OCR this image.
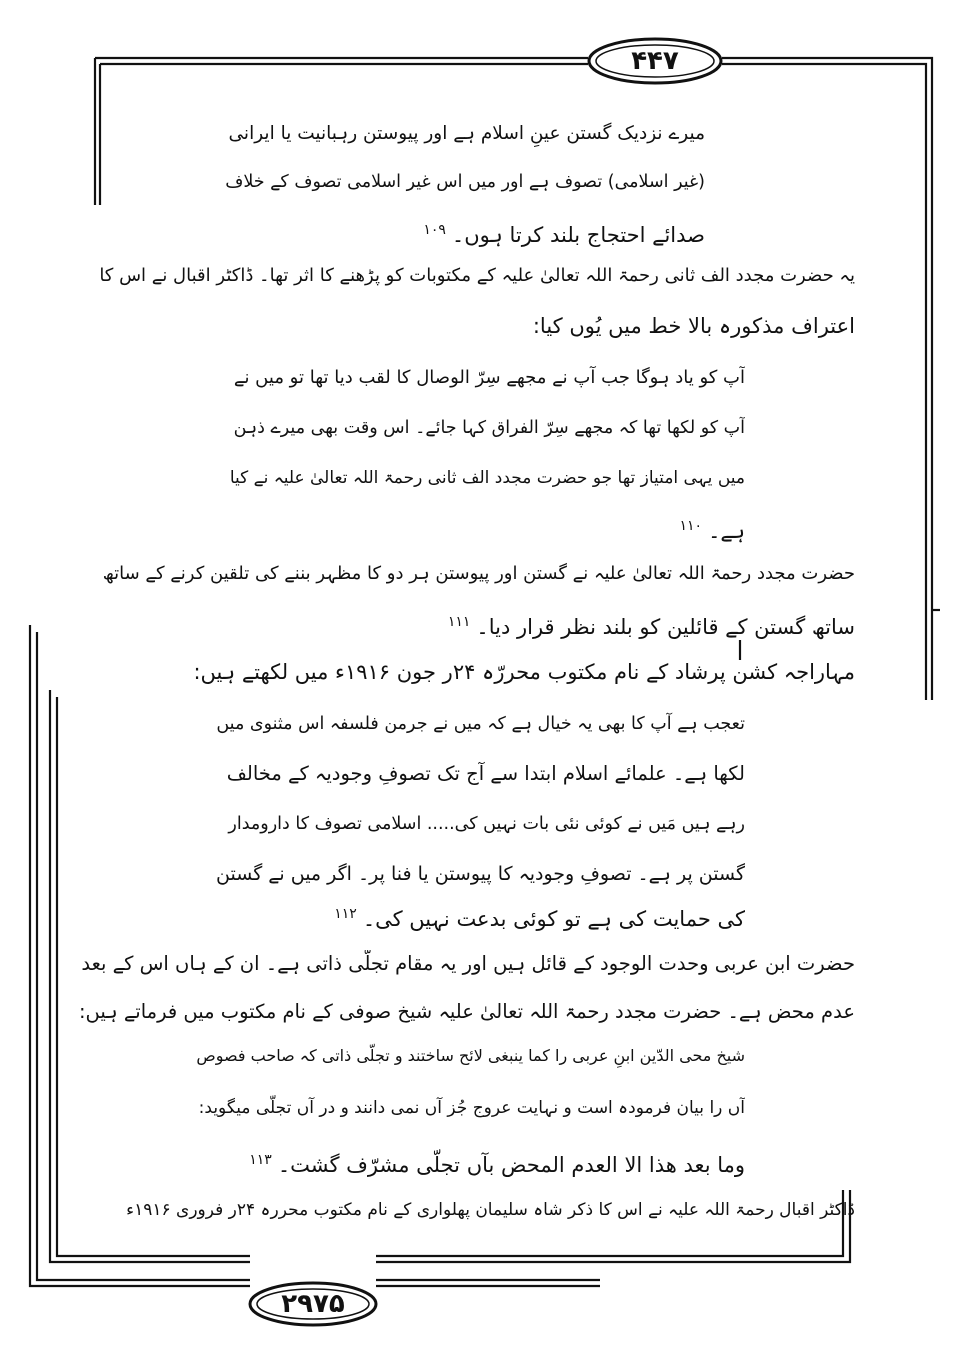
۴۴۷
۲۹۷۵
میرے نزدیک گستن عینِ اسلام ہے اور پیوستن رہبانیت یا ایرانی
(غیر اسلامی) تصوف ہے اور میں اس غیر اسلامی تصوف کے خلاف
صدائے احتجاج بلند کرتا ہوں۔$^{۱۰۹}$
یہ حضرت مجدد الف ثانی رحمۃ اللہ تعالیٰ علیہ کے مکتوبات کو پڑھنے کا اثر تھا۔ ڈاکٹر اقبال نے اس کا
اعتراف مذکورہ بالا خط میں یُوں کیا:
آپ کو یاد ہوگا جب آپ نے مجھے سِرّ الوصال کا لقب دیا تھا تو میں نے
آپ کو لکھا تھا کہ مجھے سِرّ الفراق کہا جائے۔ اس وقت بھی میرے ذہن
میں یہی امتیاز تھا جو حضرت مجدد الف ثانی رحمۃ اللہ تعالیٰ علیہ نے کیا
ہے۔$^{۱۱۰}$
حضرت مجدد رحمۃ اللہ تعالیٰ علیہ نے گستن اور پیوستن ہر دو کا مظہر بننے کی تلقین کرنے کے ساتھ
ساتھ گستن کے قائلین کو بلند نظر قرار دیا۔$^{۱۱۱}$
مہاراجہ کشن پرشاد کے نام مکتوب محررّہ ۲۴ر جون ۱۹۱۶ء میں لکھتے ہیں:
تعجب ہے آپ کا بھی یہ خیال ہے کہ میں نے جرمن فلسفہ اس مثنوی میں
لکھا ہے۔ علمائے اسلام ابتدا سے آج تک تصوفِ وجودیہ کے مخالف
رہے ہیں مَیں نے کوئی نئی بات نہیں کی..... اسلامی تصوف کا دارومدار
گستن پر ہے۔ تصوفِ وجودیہ کا پیوستن یا فنا پر۔ اگر میں نے گستن
کی حمایت کی ہے تو کوئی بدعت نہیں کی۔$^{۱۱۲}$
حضرت ابن عربی وحدت الوجود کے قائل ہیں اور یہ مقام تجلّی ذاتی ہے۔ ان کے ہاں اس کے بعد
عدم محض ہے۔ حضرت مجدد رحمۃ اللہ تعالیٰ علیہ شیخ صوفی کے نام مکتوب میں فرماتے ہیں:
شیخ محی الدّین ابنِ عربی را کما ینبغی لائح ساختند و تجلّی ذاتی کہ صاحب فصوص
آں را بیان فرمودہ است و نہایت عروج جُز آں نمی دانند و در آں تجلّی میگوید:
وما بعد هذا الا العدم المحض بآں تجلّی مشرّف گشت۔$^{۱۱۳}$
ڈاکٹر اقبال رحمۃ اللہ علیہ نے اس کا ذکر شاہ سلیمان پھلواری کے نام مکتوب محررہ ۲۴ر فروری ۱۹۱۶ء
